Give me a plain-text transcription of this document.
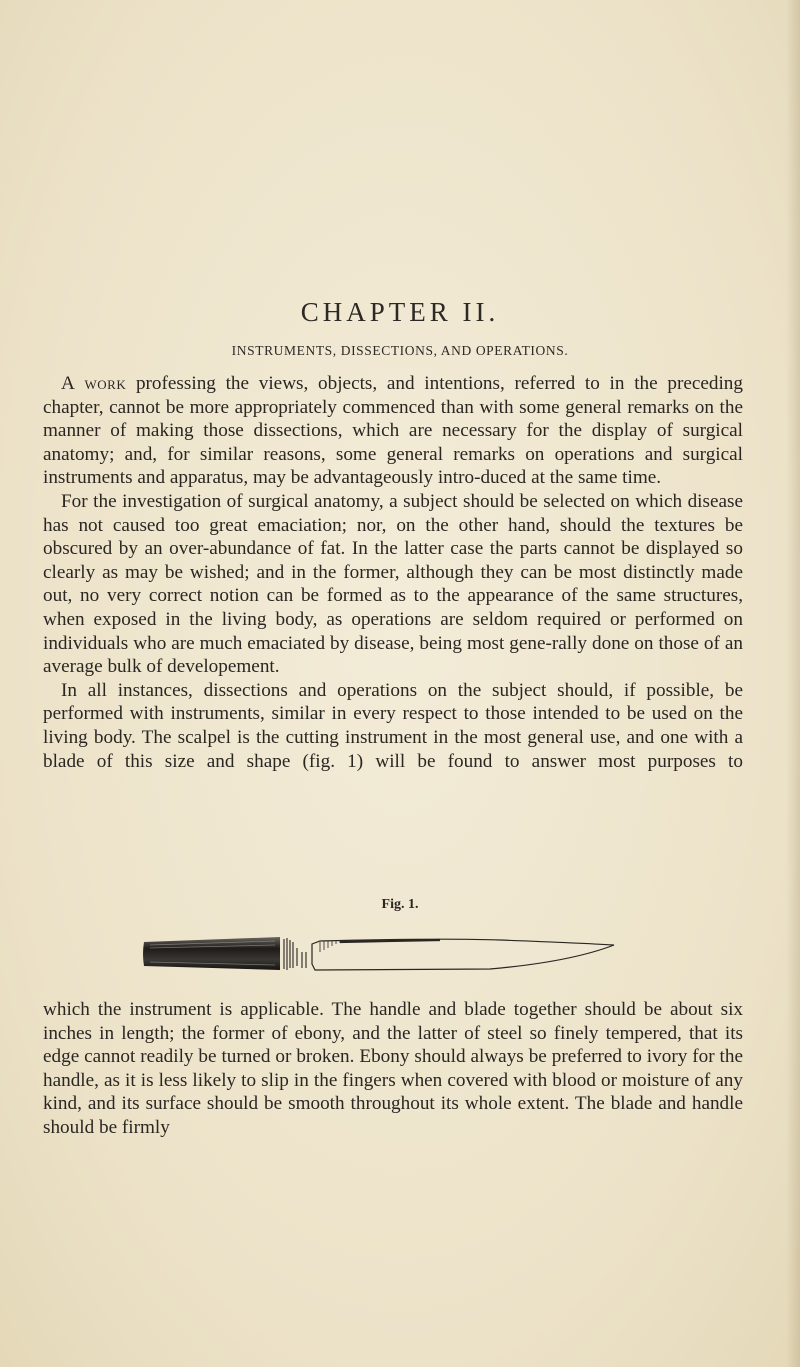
CHAPTER II.
INSTRUMENTS, DISSECTIONS, AND OPERATIONS.

A work professing the views, objects, and intentions, referred to in the preceding chapter, cannot be more appropriately commenced than with some general remarks on the manner of making those dissections, which are necessary for the display of surgical anatomy; and, for similar reasons, some general remarks on operations and surgical instruments and apparatus, may be advantageously intro-duced at the same time.

For the investigation of surgical anatomy, a subject should be selected on which disease has not caused too great emaciation; nor, on the other hand, should the textures be obscured by an over-abundance of fat. In the latter case the parts cannot be displayed so clearly as may be wished; and in the former, although they can be most distinctly made out, no very correct notion can be formed as to the appearance of the same structures, when exposed in the living body, as operations are seldom required or performed on individuals who are much emaciated by disease, being most gene-rally done on those of an average bulk of developement.

In all instances, dissections and operations on the subject should, if possible, be performed with instruments, similar in every respect to those intended to be used on the living body. The scalpel is the cutting instrument in the most general use, and one with a blade of this size and shape (fig. 1) will be found to answer most purposes to

Fig. 1.

which the instrument is applicable. The handle and blade together should be about six inches in length; the former of ebony, and the latter of steel so finely tempered, that its edge cannot readily be turned or broken. Ebony should always be preferred to ivory for the handle, as it is less likely to slip in the fingers when covered with blood or moisture of any kind, and its surface should be smooth throughout its whole extent. The blade and handle should be firmly
